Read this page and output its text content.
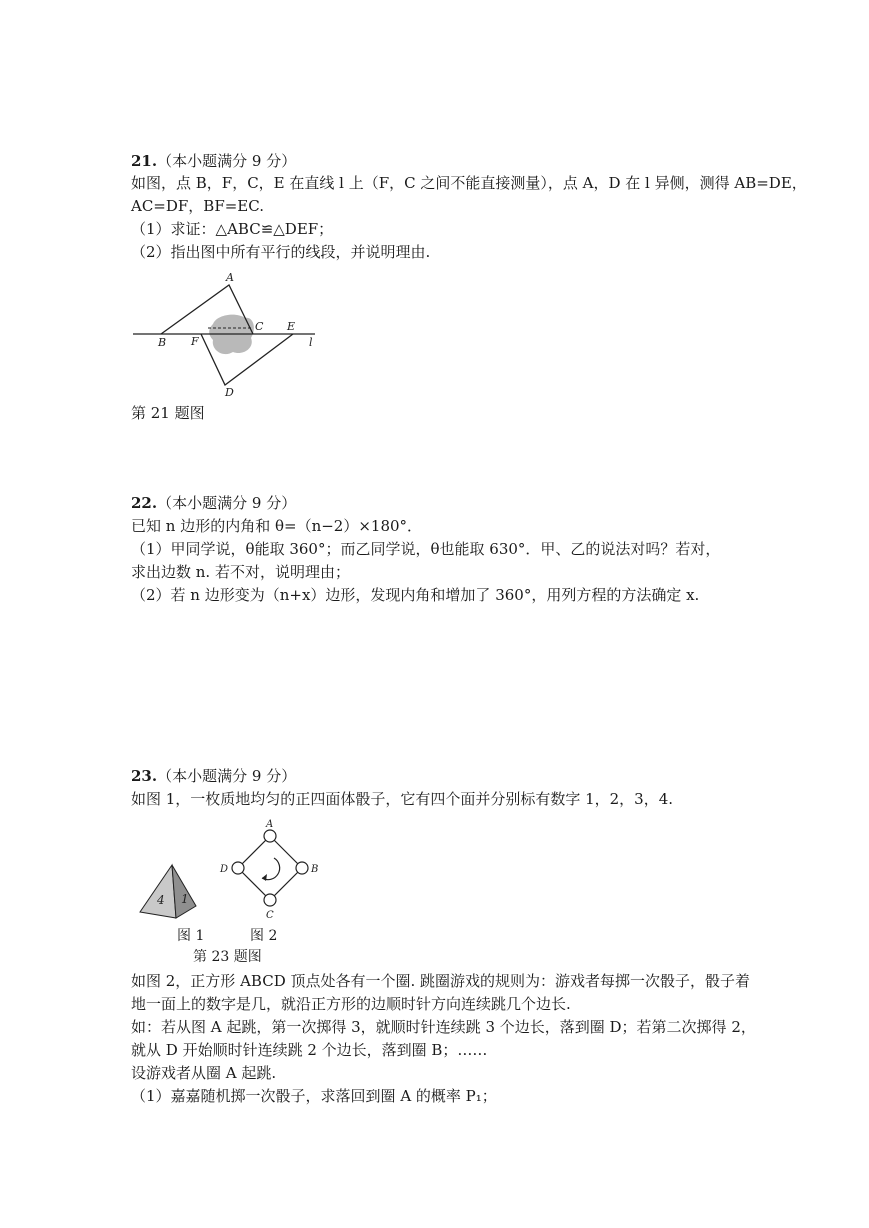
21.（本小题满分 9 分）
如图，点 B，F，C，E 在直线 l 上（F，C 之间不能直接测量），点 A，D 在 l 异侧，测得 AB=DE，
AC=DF，BF=EC.
（1）求证：△ABC≌△DEF；
（2）指出图中所有平行的线段，并说明理由.
A
B F
C E
l
D
第 21 题图
22.（本小题满分 9 分）
已知 n 边形的内角和 θ=（n−2）×180°．
（1）甲同学说，θ能取 360°；而乙同学说，θ也能取 630°．甲、乙的说法对吗？若对，
求出边数 n. 若不对，说明理由；
（2）若 n 边形变为（n+x）边形，发现内角和增加了 360°，用列方程的方法确定 x.
23.（本小题满分 9 分）
如图 1，一枚质地均匀的正四面体骰子，它有四个面并分别标有数字 1，2，3，4.
4 1
A
B
C
D
图 1	图 2
第 23 题图
如图 2，正方形 ABCD 顶点处各有一个圈. 跳圈游戏的规则为：游戏者每掷一次骰子，骰子着
地一面上的数字是几，就沿正方形的边顺时针方向连续跳几个边长.
如：若从图 A 起跳，第一次掷得 3，就顺时针连续跳 3 个边长，落到圈 D；若第二次掷得 2，
就从 D 开始顺时针连续跳 2 个边长，落到圈 B；……
设游戏者从圈 A 起跳.
（1）嘉嘉随机掷一次骰子，求落回到圈 A 的概率 P₁；
